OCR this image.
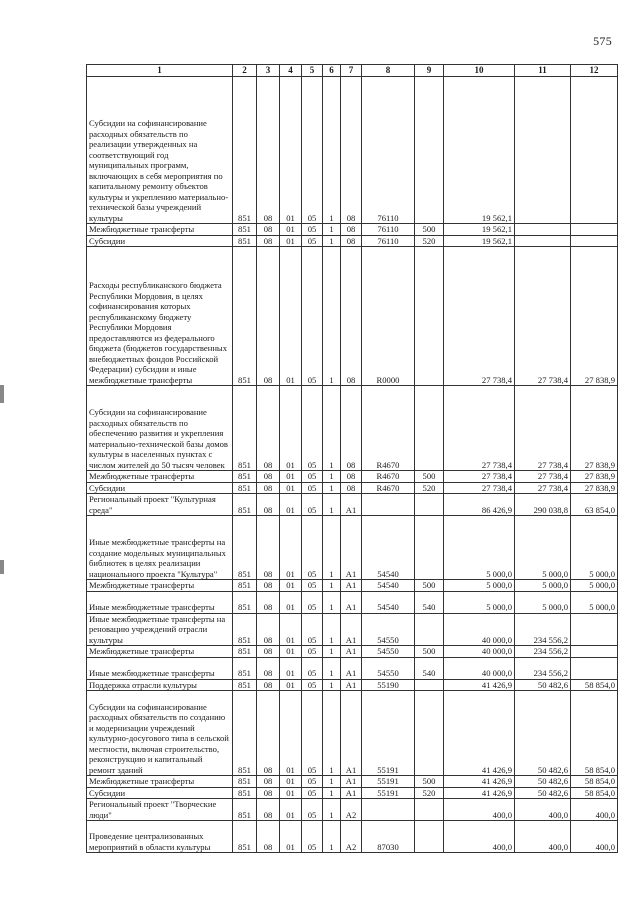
575
1	2	3	4	5	6	7	8	9	10	11	12
Субсидии на софинансирование расходных обязательств по реализации утвержденных на соответствующий год муниципальных программ, включающих в себя мероприятия по капитальному ремонту объектов культуры и укреплению материально-технической базы учреждений культуры	851	08	01	05	1	08	76110		19 562,1		
Межбюджетные трансферты	851	08	01	05	1	08	76110	500	19 562,1		
Субсидии	851	08	01	05	1	08	76110	520	19 562,1		
Расходы республиканского бюджета Республики Мордовия, в целях софинансирования которых республиканскому бюджету Республики Мордовия предоставляются из федерального бюджета (бюджетов государственных внебюджетных фондов Российской Федерации) субсидии и иные межбюджетные трансферты	851	08	01	05	1	08	R0000		27 738,4	27 738,4	27 838,9
Субсидии на софинансирование расходных обязательств по обеспечению развития и укрепления материально-технической базы домов культуры в населенных пунктах с числом жителей до 50 тысяч человек	851	08	01	05	1	08	R4670		27 738,4	27 738,4	27 838,9
Межбюджетные трансферты	851	08	01	05	1	08	R4670	500	27 738,4	27 738,4	27 838,9
Субсидии	851	08	01	05	1	08	R4670	520	27 738,4	27 738,4	27 838,9
Региональный проект "Культурная среда"	851	08	01	05	1	A1			86 426,9	290 038,8	63 854,0
Иные межбюджетные трансферты на создание модельных муниципальных библиотек в целях реализации национального проекта "Культура"	851	08	01	05	1	A1	54540		5 000,0	5 000,0	5 000,0
Межбюджетные трансферты	851	08	01	05	1	A1	54540	500	5 000,0	5 000,0	5 000,0
Иные межбюджетные трансферты	851	08	01	05	1	A1	54540	540	5 000,0	5 000,0	5 000,0
Иные межбюджетные трансферты на реновацию учреждений отрасли культуры	851	08	01	05	1	A1	54550		40 000,0	234 556,2	
Межбюджетные трансферты	851	08	01	05	1	A1	54550	500	40 000,0	234 556,2	
Иные межбюджетные трансферты	851	08	01	05	1	A1	54550	540	40 000,0	234 556,2	
Поддержка отрасли культуры	851	08	01	05	1	A1	55190		41 426,9	50 482,6	58 854,0
Субсидии на софинансирование расходных обязательств по созданию и модернизации учреждений культурно-досугового типа в сельской местности, включая строительство, реконструкцию и капитальный ремонт зданий	851	08	01	05	1	A1	55191		41 426,9	50 482,6	58 854,0
Межбюджетные трансферты	851	08	01	05	1	A1	55191	500	41 426,9	50 482,6	58 854,0
Субсидии	851	08	01	05	1	A1	55191	520	41 426,9	50 482,6	58 854,0
Региональный проект "Творческие люди"	851	08	01	05	1	A2			400,0	400,0	400,0
Проведение централизованных мероприятий в области культуры	851	08	01	05	1	A2	87030		400,0	400,0	400,0
